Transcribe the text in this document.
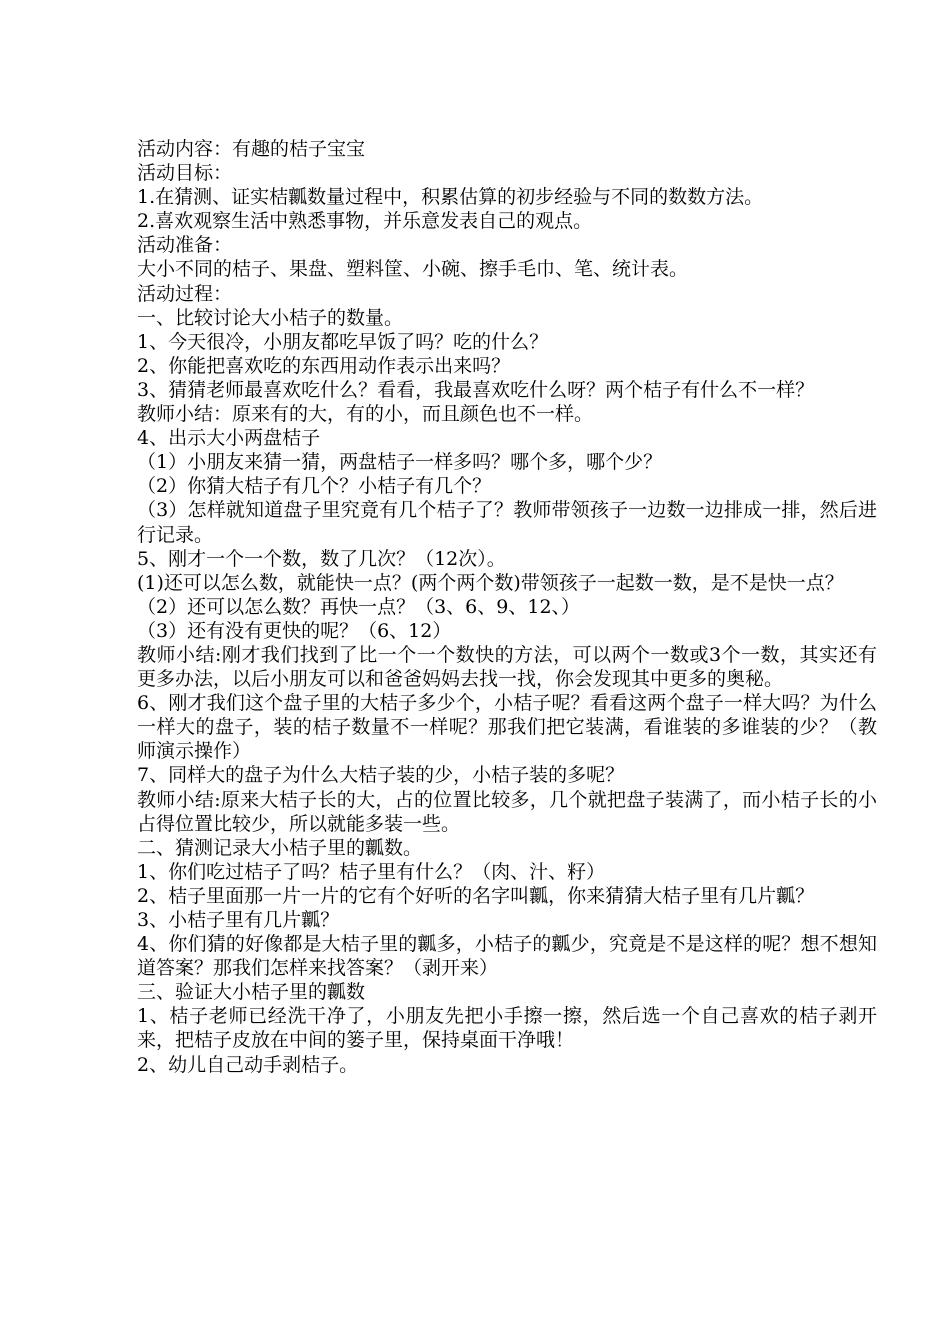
活动内容：有趣的桔子宝宝

活动目标：

1.在猜测、证实桔瓤数量过程中，积累估算的初步经验与不同的数数方法。

2.喜欢观察生活中熟悉事物，并乐意发表自己的观点。

活动准备：

大小不同的桔子、果盘、塑料筐、小碗、擦手毛巾、笔、统计表。

活动过程：

一、比较讨论大小桔子的数量。

1、今天很冷，小朋友都吃早饭了吗？吃的什么？

2、你能把喜欢吃的东西用动作表示出来吗？

3、猜猜老师最喜欢吃什么？看看，我最喜欢吃什么呀？两个桔子有什么不一样？

教师小结：原来有的大，有的小，而且颜色也不一样。

4、出示大小两盘桔子

（1）小朋友来猜一猜，两盘桔子一样多吗？哪个多，哪个少？

（2）你猜大桔子有几个？小桔子有几个？

（3）怎样就知道盘子里究竟有几个桔子了？教师带领孩子一边数一边排成一排，然后进行记录。

5、刚才一个一个数，数了几次？（12次）。

(1)还可以怎么数，就能快一点？(两个两个数)带领孩子一起数一数，是不是快一点？

（2）还可以怎么数？再快一点？（3、6、9、12、）

（3）还有没有更快的呢？（6、12）

教师小结:刚才我们找到了比一个一个数快的方法，可以两个一数或3个一数，其实还有更多办法，以后小朋友可以和爸爸妈妈去找一找，你会发现其中更多的奥秘。

6、刚才我们这个盘子里的大桔子多少个，小桔子呢？看看这两个盘子一样大吗？为什么一样大的盘子，装的桔子数量不一样呢？那我们把它装满，看谁装的多谁装的少？（教师演示操作）

7、同样大的盘子为什么大桔子装的少，小桔子装的多呢？

教师小结:原来大桔子长的大，占的位置比较多，几个就把盘子装满了，而小桔子长的小占得位置比较少，所以就能多装一些。

二、猜测记录大小桔子里的瓤数。

1、你们吃过桔子了吗？桔子里有什么？（肉、汁、籽）

2、桔子里面那一片一片的它有个好听的名字叫瓤，你来猜猜大桔子里有几片瓤？

3、小桔子里有几片瓤？

4、你们猜的好像都是大桔子里的瓤多，小桔子的瓤少，究竟是不是这样的呢？想不想知道答案？那我们怎样来找答案？（剥开来）

三、验证大小桔子里的瓤数

1、桔子老师已经洗干净了，小朋友先把小手擦一擦，然后选一个自己喜欢的桔子剥开来，把桔子皮放在中间的篓子里，保持桌面干净哦！

2、幼儿自己动手剥桔子。
